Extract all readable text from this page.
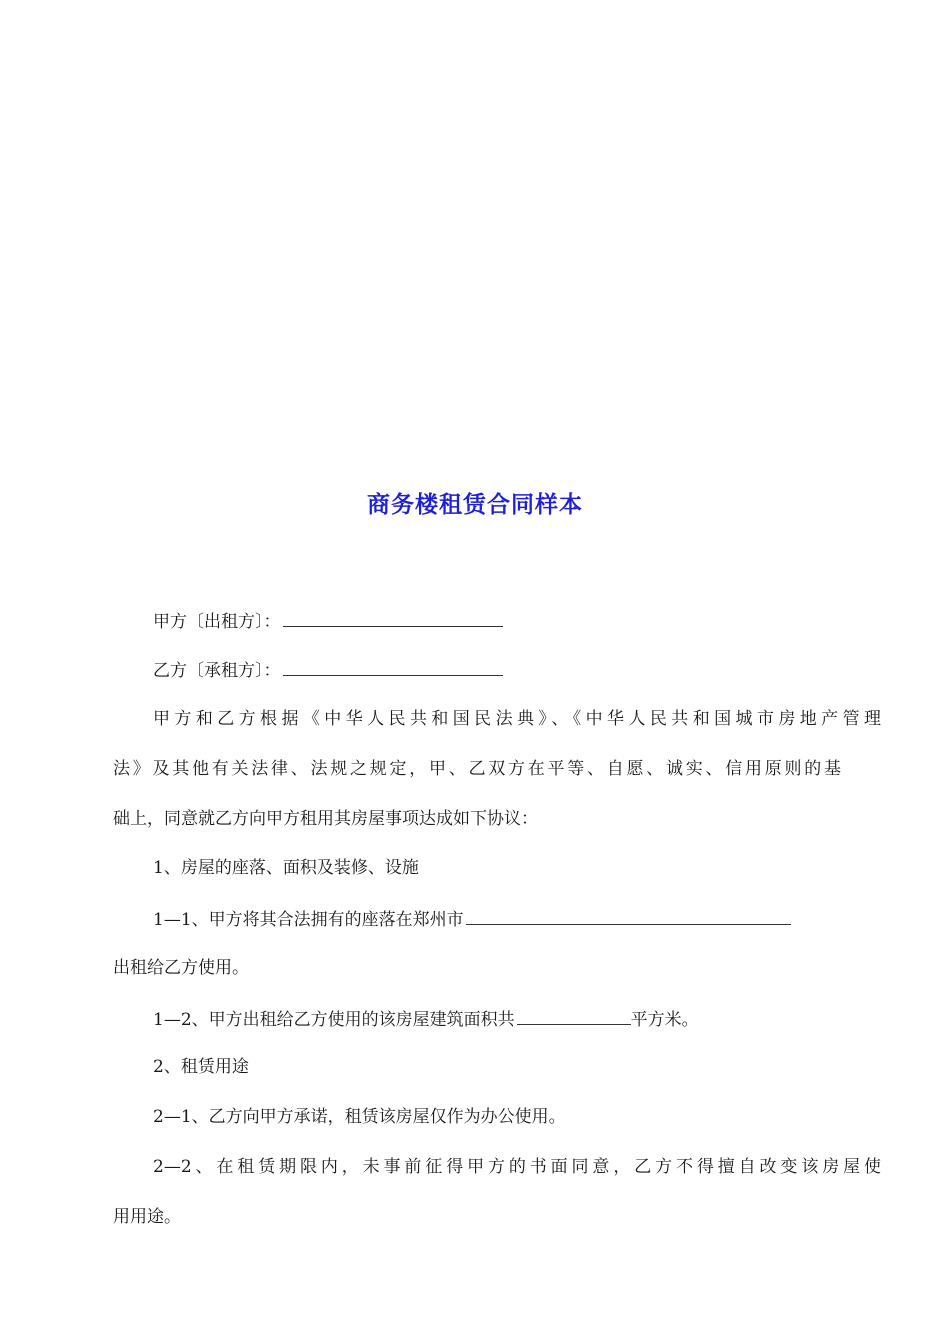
商务楼租赁合同样本
甲方〔出租方〕：
乙方〔承租方〕：
甲方和乙方根据《中华人民共和国民法典》、《中华人民共和国城市房地产管理
法》及其他有关法律、法规之规定，甲、乙双方在平等、自愿、诚实、信用原则的基
础上，同意就乙方向甲方租用其房屋事项达成如下协议：
1、房屋的座落、面积及装修、设施
1—1、甲方将其合法拥有的座落在郑州市
出租给乙方使用。
1—2、甲方出租给乙方使用的该房屋建筑面积共	平方米。
2、租赁用途
2—1、乙方向甲方承诺，租赁该房屋仅作为办公使用。
2—2、在租赁期限内，未事前征得甲方的书面同意，乙方不得擅自改变该房屋使
用用途。
